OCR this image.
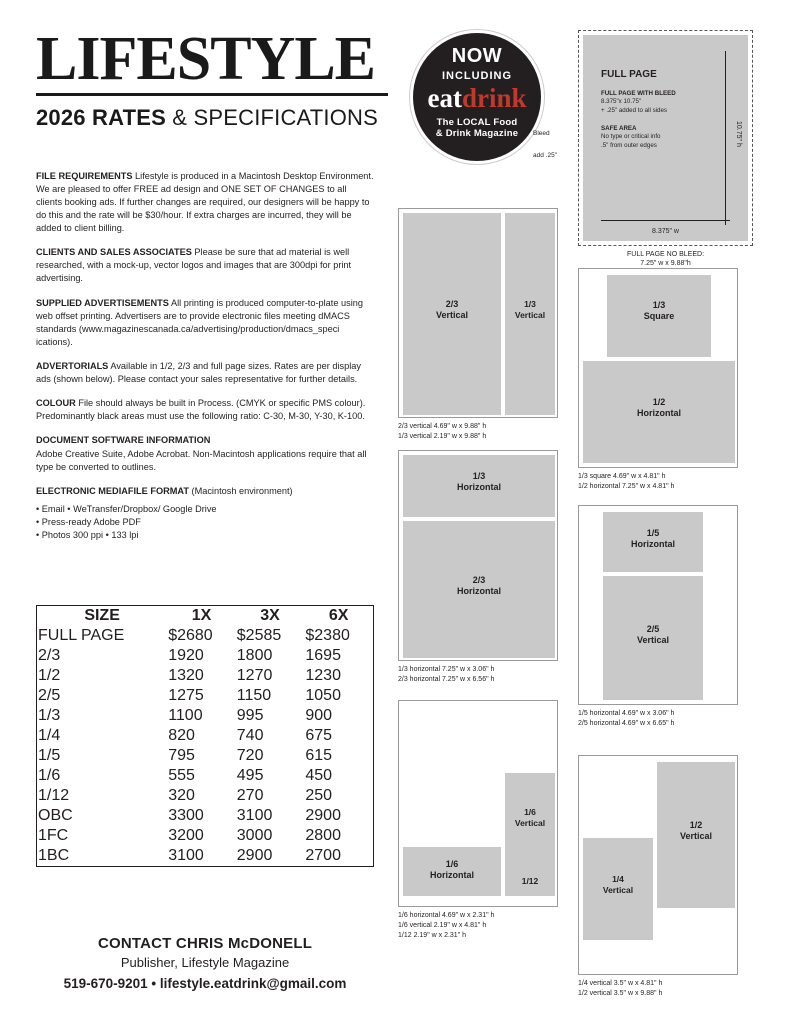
LIFESTYLE
2026 RATES & SPECIFICATIONS
NOW
INCLUDING
eatdrink
The LOCAL Food
& Drink Magazine	Bleed
add .25"
10.75" h
8.375" w
FULL PAGE
FULL PAGE WITH BLEED
8.375"x 10.75"
+ .25" added to all sides
SAFE AREA
No type or critical info
.5" from outer edges
FULL PAGE NO BLEED:
7.25" w x 9.88"h

FILE REQUIREMENTS Lifestyle is produced in a Macintosh Desktop Environment. We are pleased to offer FREE ad design and ONE SET OF CHANGES to all clients booking ads. If further changes are required, our designers will be happy to do this and the rate will be $30/hour. If extra charges are incurred, they will be added to client billing.

CLIENTS AND SALES ASSOCIATES Please be sure that ad material is well researched, with a mock-up, vector logos and images that are 300dpi for print advertising.

SUPPLIED ADVERTISEMENTS All printing is produced computer-to-plate using web offset printing. Advertisers are to provide electronic files meeting dMACS standards (www.magazinescanada.ca/advertising/production/dmacs_speci ications).

ADVERTORIALS Available in 1/2, 2/3 and full page sizes. Rates are per display ads (shown below). Please contact your sales representative for further details.

COLOUR File should always be built in Process. (CMYK or specific PMS colour). Predominantly black areas must use the following ratio: C-30, M-30, Y-30, K-100.

DOCUMENT SOFTWARE INFORMATION
Adobe Creative Suite, Adobe Acrobat. Non-Macintosh applications require that all type be converted to outlines.

ELECTRONIC MEDIAFILE FORMAT (Macintosh environment)

• Email • WeTransfer/Dropbox/ Google Drive
• Press-ready Adobe PDF
• Photos 300 ppi • 133 lpi

SIZE	1X	3X	6X
FULL PAGE	$2680	$2585	$2380
2/3	1920	1800	1695
1/2	1320	1270	1230
2/5	1275	1150	1050
1/3	1100	995	900
1/4	820	740	675
1/5	795	720	615
1/6	555	495	450
1/12	320	270	250
OBC	3300	3100	2900
1FC	3200	3000	2800
1BC	3100	2900	2700
CONTACT CHRIS McDONELL
Publisher, Lifestyle Magazine
519-670-9201 • lifestyle.eatdrink@gmail.com
2/3
Vertical
1/3
Vertical
2/3 vertical 4.69" w x 9.88" h
1/3 vertical 2.19" w x 9.88" h
1/3
Horizontal
2/3
Horizontal
1/3 horizontal 7.25" w x 3.06" h
2/3 horizontal 7.25" w x 6.56" h
1/6
Vertical
1/6
Horizontal
1/12
1/6 horizontal 4.69" w x 2.31" h
1/6 vertical 2.19" w x 4.81" h
1/12 2.19" w x 2.31" h
1/3
Square
1/2
Horizontal
1/3 square 4.69" w x 4.81" h
1/2 horizontal 7.25" w x 4.81" h
1/5
Horizontal
2/5
Vertical
1/5 horizontal 4.69" w x 3.06" h
2/5 horizontal 4.69" w x 6.65" h
1/2
Vertical
1/4
Vertical
1/4 vertical 3.5" w x 4.81" h
1/2 vertical 3.5" w x 9.88" h
